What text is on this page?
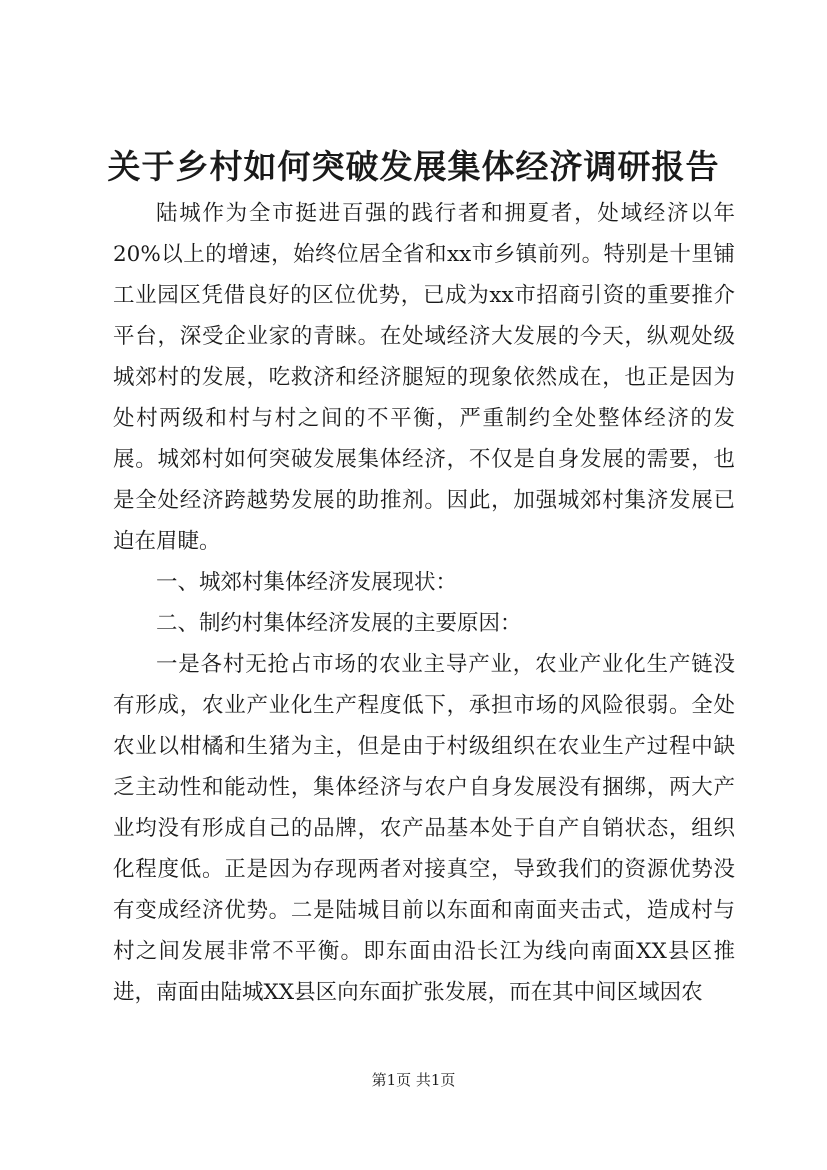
关于乡村如何突破发展集体经济调研报告

陆城作为全市挺进百强的践行者和拥夏者，处域经济以年20%以上的增速，始终位居全省和xx市乡镇前列。特别是十里铺工业园区凭借良好的区位优势，已成为xx市招商引资的重要推介平台，深受企业家的青睐。在处域经济大发展的今天，纵观处级城郊村的发展，吃救济和经济腿短的现象依然成在，也正是因为处村两级和村与村之间的不平衡，严重制约全处整体经济的发展。城郊村如何突破发展集体经济，不仅是自身发展的需要，也是全处经济跨越势发展的助推剂。因此，加强城郊村集济发展已迫在眉睫。

一、城郊村集体经济发展现状：

二、制约村集体经济发展的主要原因：

一是各村无抢占市场的农业主导产业，农业产业化生产链没有形成，农业产业化生产程度低下，承担市场的风险很弱。全处农业以柑橘和生猪为主，但是由于村级组织在农业生产过程中缺乏主动性和能动性，集体经济与农户自身发展没有捆绑，两大产业均没有形成自己的品牌，农产品基本处于自产自销状态，组织化程度低。正是因为存现两者对接真空，导致我们的资源优势没有变成经济优势。二是陆城目前以东面和南面夹击式，造成村与村之间发展非常不平衡。即东面由沿长江为线向南面XX县区推进，南面由陆城XX县区向东面扩张发展，而在其中间区域因农

第1页 共1页
